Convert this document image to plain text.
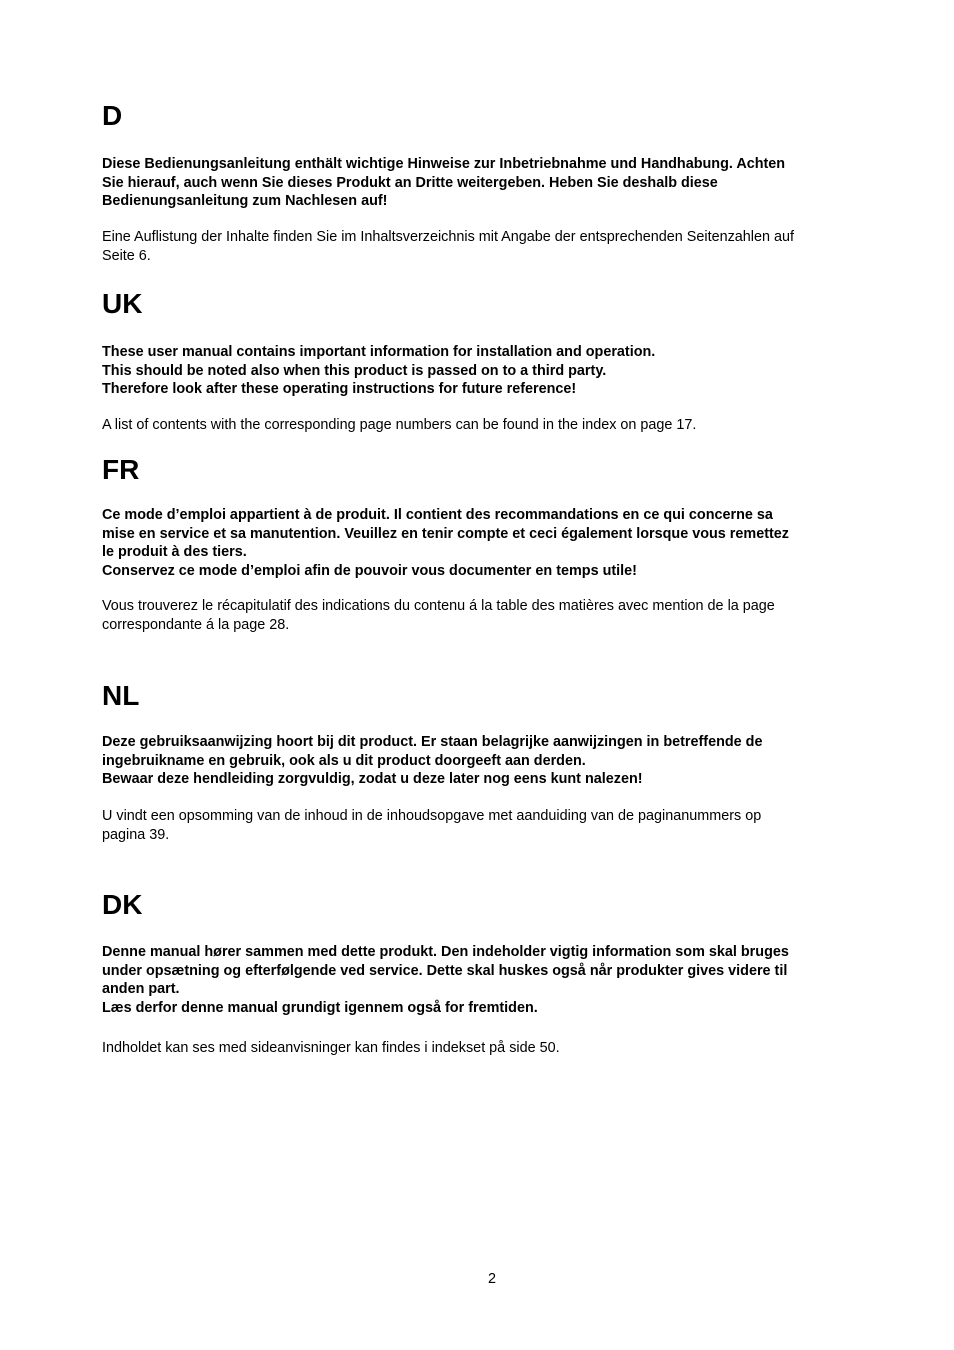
D

Diese Bedienungsanleitung enthält wichtige Hinweise zur Inbetriebnahme und Handhabung. Achten
Sie hierauf, auch wenn Sie dieses Produkt an Dritte weitergeben. Heben Sie deshalb diese
Bedienungsanleitung zum Nachlesen auf!

Eine Auflistung der Inhalte finden Sie im Inhaltsverzeichnis mit Angabe der entsprechenden Seitenzahlen auf
Seite 6.

UK

These user manual contains important information for installation and operation.
This should be noted also when this product is passed on to a third party.
Therefore look after these operating instructions for future reference!

A list of contents with the corresponding page numbers can be found in the index on page 17.

FR

Ce mode d’emploi appartient à de produit. Il contient des recommandations en ce qui concerne sa
mise en service et sa manutention. Veuillez en tenir compte et ceci également lorsque vous remettez
le produit à des tiers.
Conservez ce mode d’emploi afin de pouvoir vous documenter en temps utile!

Vous trouverez le récapitulatif des indications du contenu á la table des matières avec mention de la page
correspondante á la page 28.

NL

Deze gebruiksaanwijzing hoort bij dit product. Er staan belagrijke aanwijzingen in betreffende de
ingebruikname en gebruik, ook als u dit product doorgeeft aan derden.
Bewaar deze hendleiding zorgvuldig, zodat u deze later nog eens kunt nalezen!

U vindt een opsomming van de inhoud in de inhoudsopgave met aanduiding van de paginanummers op
pagina 39.

DK

Denne manual hører sammen med dette produkt. Den indeholder vigtig information som skal bruges
under opsætning og efterfølgende ved service. Dette skal huskes også når produkter gives videre til
anden part.
Læs derfor denne manual grundigt igennem også for fremtiden.

Indholdet kan ses med sideanvisninger kan findes i indekset på side 50.

2
